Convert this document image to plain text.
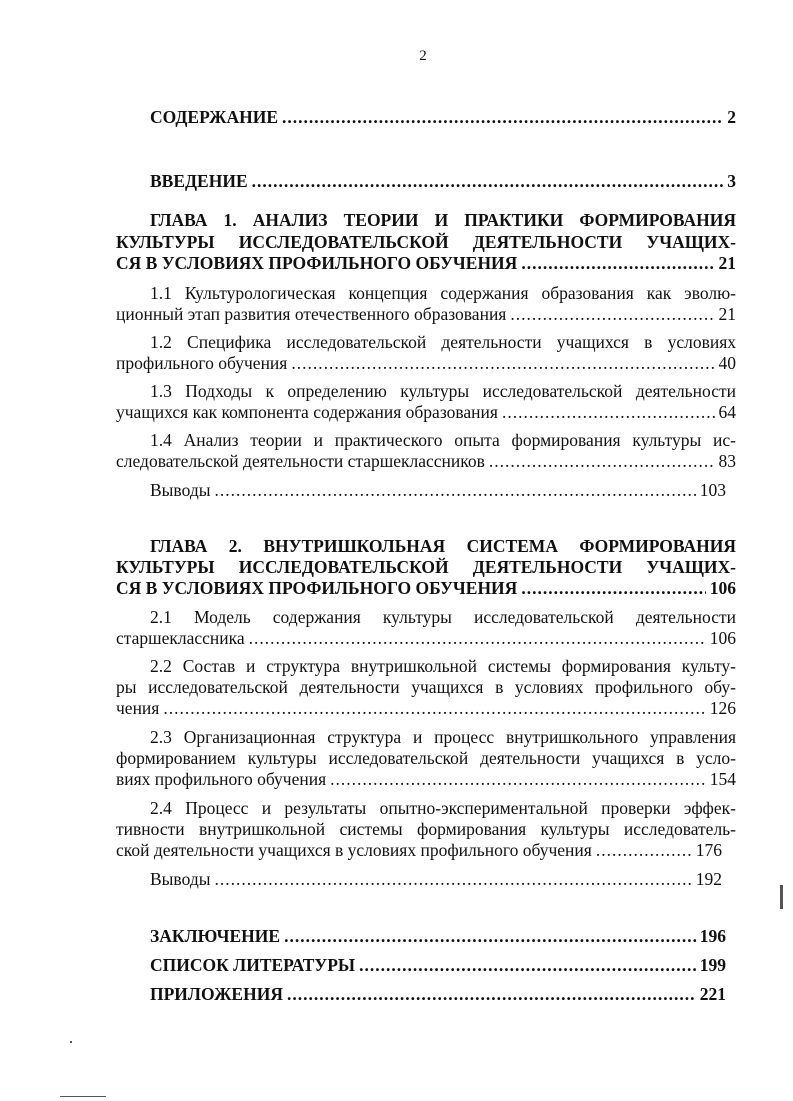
2
СОДЕРЖАНИЕ .....	2
ВВЕДЕНИЕ .....	3
ГЛАВА 1. АНАЛИЗ ТЕОРИИ И ПРАКТИКИ ФОРМИРОВАНИЯ
КУЛЬТУРЫ ИССЛЕДОВАТЕЛЬСКОЙ ДЕЯТЕЛЬНОСТИ УЧАЩИХ-
СЯ В УСЛОВИЯХ ПРОФИЛЬНОГО ОБУЧЕНИЯ .....	21
1.1 Культурологическая концепция содержания образования как эволю-
ционный этап развития отечественного образования .....	21
1.2 Специфика исследовательской деятельности учащихся в условиях
профильного обучения .....	40
1.3 Подходы к определению культуры исследовательской деятельности
учащихся как компонента содержания образования .....	64
1.4 Анализ теории и практического опыта формирования культуры ис-
следовательской деятельности старшеклассников .....	83
Выводы .....	103
ГЛАВА 2. ВНУТРИШКОЛЬНАЯ СИСТЕМА ФОРМИРОВАНИЯ
КУЛЬТУРЫ ИССЛЕДОВАТЕЛЬСКОЙ ДЕЯТЕЛЬНОСТИ УЧАЩИХ-
СЯ В УСЛОВИЯХ ПРОФИЛЬНОГО ОБУЧЕНИЯ .....	106
2.1 Модель содержания культуры исследовательской деятельности
старшеклассника .....	106
2.2 Состав и структура внутришкольной системы формирования культу-
ры исследовательской деятельности учащихся в условиях профильного обу-
чения .....	126
2.3 Организационная структура и процесс внутришкольного управления
формированием культуры исследовательской деятельности учащихся в усло-
виях профильного обучения .....	154
2.4 Процесс и результаты опытно-экспериментальной проверки эффек-
тивности внутришкольной системы формирования культуры исследователь-
ской деятельности учащихся в условиях профильного обучения .....	176
Выводы .....	192
ЗАКЛЮЧЕНИЕ .....	196
СПИСОК ЛИТЕРАТУРЫ .....	199
ПРИЛОЖЕНИЯ .....	221
